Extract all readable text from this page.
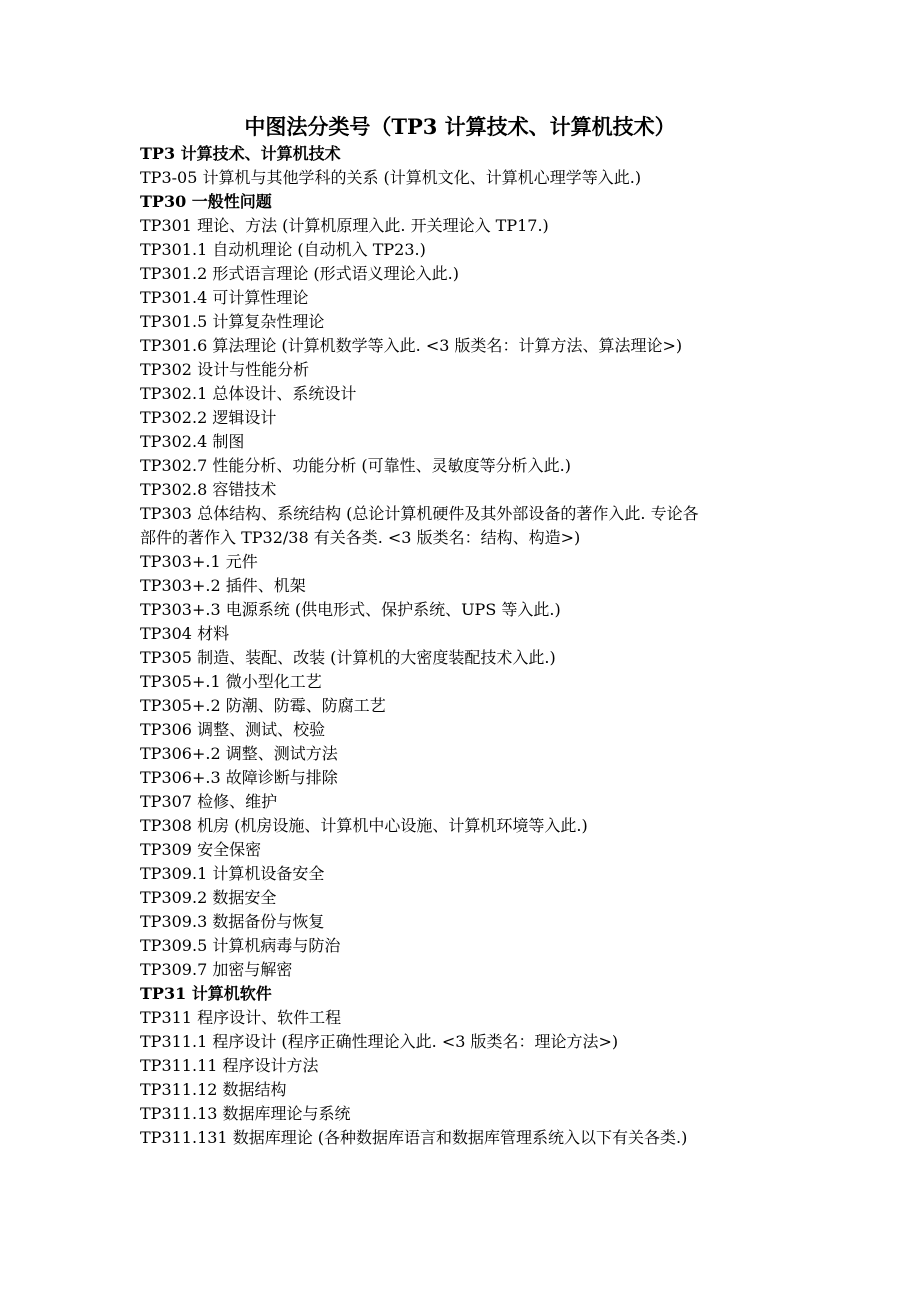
中图法分类号（TP3 计算技术、计算机技术）

TP3 计算技术、计算机技术

TP3-05 计算机与其他学科的关系 (计算机文化、计算机心理学等入此.)

TP30 一般性问题

TP301 理论、方法 (计算机原理入此. 开关理论入 TP17.)

TP301.1 自动机理论 (自动机入 TP23.)

TP301.2 形式语言理论 (形式语义理论入此.)

TP301.4 可计算性理论

TP301.5 计算复杂性理论

TP301.6 算法理论 (计算机数学等入此. <3 版类名：计算方法、算法理论>)

TP302 设计与性能分析

TP302.1 总体设计、系统设计

TP302.2 逻辑设计

TP302.4 制图

TP302.7 性能分析、功能分析 (可靠性、灵敏度等分析入此.)

TP302.8 容错技术

TP303 总体结构、系统结构 (总论计算机硬件及其外部设备的著作入此. 专论各
部件的著作入 TP32/38 有关各类. <3 版类名：结构、构造>)

TP303+.1 元件

TP303+.2 插件、机架

TP303+.3 电源系统 (供电形式、保护系统、UPS 等入此.)

TP304 材料

TP305 制造、装配、改装 (计算机的大密度装配技术入此.)

TP305+.1 微小型化工艺

TP305+.2 防潮、防霉、防腐工艺

TP306 调整、测试、校验

TP306+.2 调整、测试方法

TP306+.3 故障诊断与排除

TP307 检修、维护

TP308 机房 (机房设施、计算机中心设施、计算机环境等入此.)

TP309 安全保密

TP309.1 计算机设备安全

TP309.2 数据安全

TP309.3 数据备份与恢复

TP309.5 计算机病毒与防治

TP309.7 加密与解密

TP31 计算机软件

TP311 程序设计、软件工程

TP311.1 程序设计 (程序正确性理论入此. <3 版类名：理论方法>)

TP311.11 程序设计方法

TP311.12 数据结构

TP311.13 数据库理论与系统

TP311.131 数据库理论 (各种数据库语言和数据库管理系统入以下有关各类.)
